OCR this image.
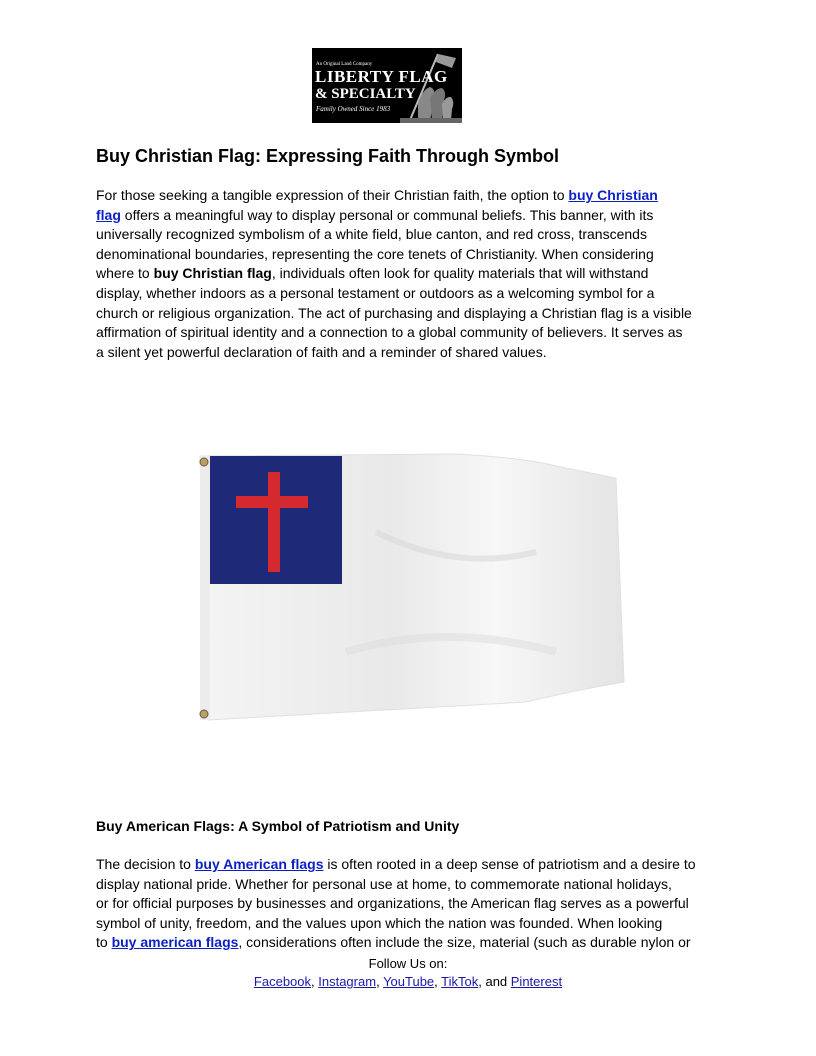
An Original Land Company
LIBERTY FLAG
& SPECIALTY
Family Owned Since 1983
Buy Christian Flag: Expressing Faith Through Symbol

For those seeking a tangible expression of their Christian faith, the option to buy Christian
flag offers a meaningful way to display personal or communal beliefs. This banner, with its
universally recognized symbolism of a white field, blue canton, and red cross, transcends
denominational boundaries, representing the core tenets of Christianity. When considering
where to buy Christian flag, individuals often look for quality materials that will withstand
display, whether indoors as a personal testament or outdoors as a welcoming symbol for a
church or religious organization. The act of purchasing and displaying a Christian flag is a visible
affirmation of spiritual identity and a connection to a global community of believers. It serves as
a silent yet powerful declaration of faith and a reminder of shared values.

Buy American Flags: A Symbol of Patriotism and Unity

The decision to buy American flags is often rooted in a deep sense of patriotism and a desire to
display national pride. Whether for personal use at home, to commemorate national holidays,
or for official purposes by businesses and organizations, the American flag serves as a powerful
symbol of unity, freedom, and the values upon which the nation was founded. When looking
to buy american flags, considerations often include the size, material (such as durable nylon or

Follow Us on:
Facebook, Instagram, YouTube, TikTok, and Pinterest
